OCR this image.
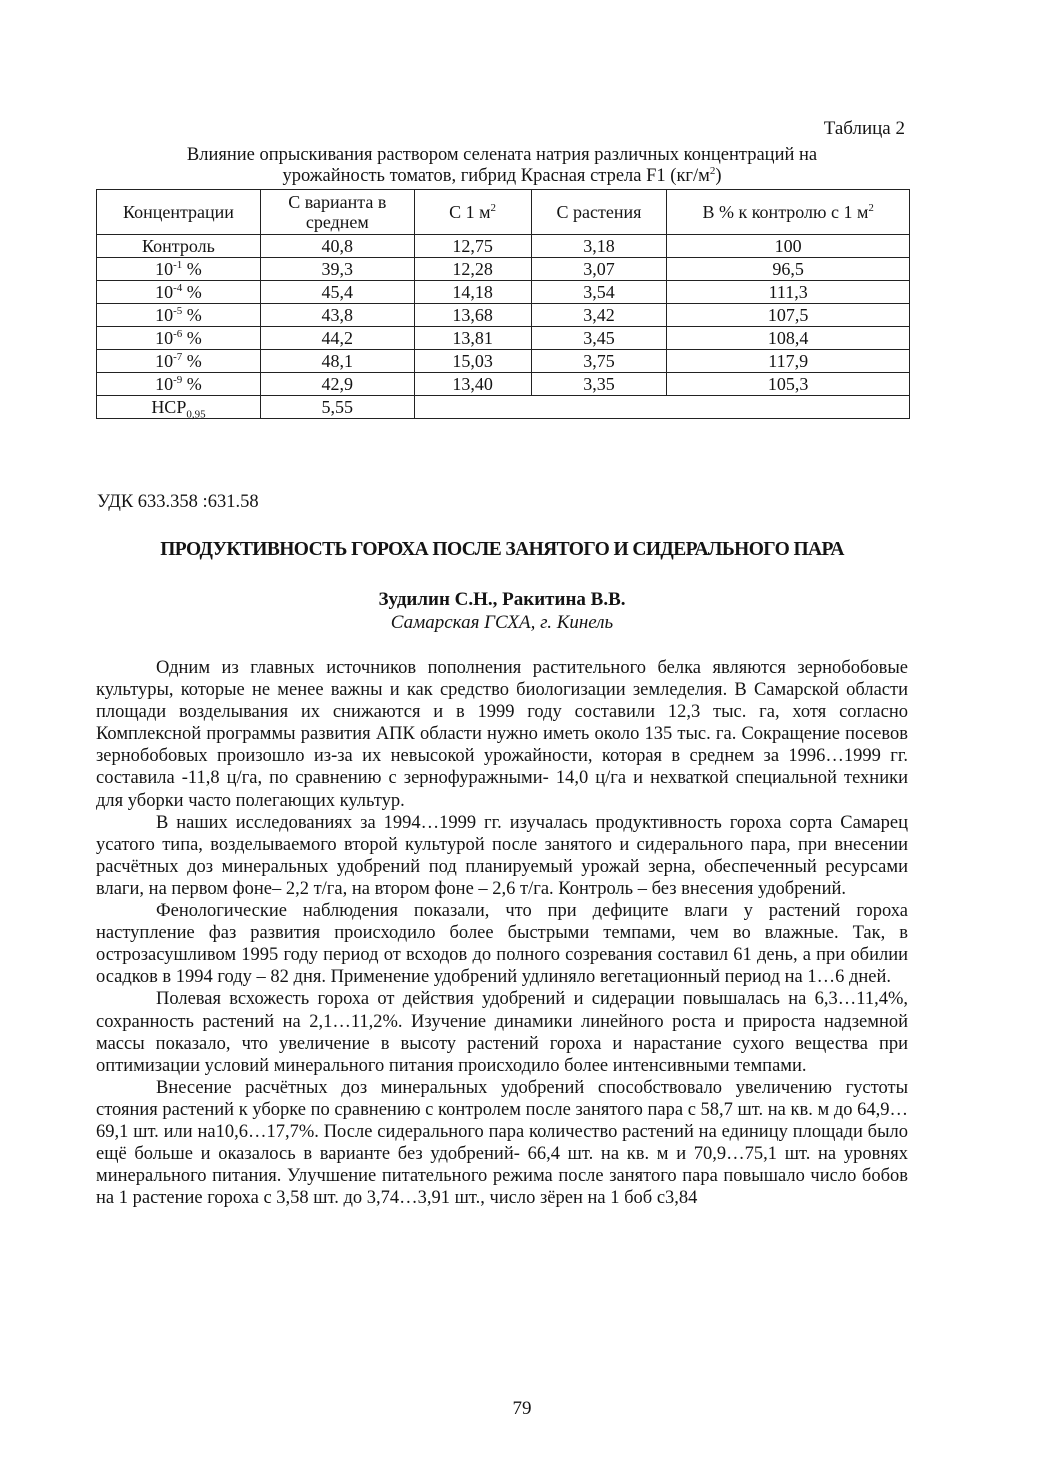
Таблица 2
Влияние опрыскивания раствором селената натрия различных концентраций на
урожайность томатов, гибрид Красная стрела F1 $(кг/м^2)$
Концентрации	С варианта в среднем	С 1 $м^2$	С растения	В % к контролю с 1 $м^2$
Контроль	40,8	12,75	3,18	100
$10^{-1}$ %	39,3	12,28	3,07	96,5
$10^{-4}$ %	45,4	14,18	3,54	111,3
$10^{-5}$ %	43,8	13,68	3,42	107,5
$10^{-6}$ %	44,2	13,81	3,45	108,4
$10^{-7}$ %	48,1	15,03	3,75	117,9
$10^{-9}$ %	42,9	13,40	3,35	105,3
$НСР_{0,95}$	5,55			
УДК 633.358 :631.58
ПРОДУКТИВНОСТЬ ГОРОХА ПОСЛЕ ЗАНЯТОГО И СИДЕРАЛЬНОГО ПАРА
Зудилин С.Н., Ракитина В.В.
Самарская ГСХА, г. Кинель

Одним из главных источников пополнения растительного белка являются зернобобовые культуры, которые не менее важны и как средство биологизации земледелия. В Самарской области площади возделывания их снижаются и в 1999 году составили 12,3 тыс. га, хотя согласно Комплексной программы развития АПК области нужно иметь около 135 тыс. га. Сокращение посевов зернобобовых произошло из-за их невысокой урожайности, которая в среднем за 1996…1999 гг. составила -11,8 ц/га, по сравнению с зернофуражными- 14,0 ц/га и нехваткой специальной техники для уборки часто полегающих культур.

В наших исследованиях за 1994…1999 гг. изучалась продуктивность гороха сорта Самарец усатого типа, возделываемого второй культурой после занятого и сидерального пара, при внесении расчётных доз минеральных удобрений под планируемый урожай зерна, обеспеченный ресурсами влаги, на первом фоне– 2,2 т/га, на втором фоне – 2,6 т/га. Контроль – без внесения удобрений.

Фенологические наблюдения показали, что при дефиците влаги у растений гороха наступление фаз развития происходило более быстрыми темпами, чем во влажные. Так, в острозасушливом 1995 году период от всходов до полного созревания составил 61 день, а при обилии осадков в 1994 году – 82 дня. Применение удобрений удлиняло вегетационный период на 1…6 дней.

Полевая всхожесть гороха от действия удобрений и сидерации повышалась на 6,3…11,4%, сохранность растений на 2,1…11,2%. Изучение динамики линейного роста и прироста надземной массы показало, что увеличение в высоту растений гороха и нарастание сухого вещества при оптимизации условий минерального питания происходило более интенсивными темпами.

Внесение расчётных доз минеральных удобрений способствовало увеличению густоты стояния растений к уборке по сравнению с контролем после занятого пара с 58,7 шт. на кв. м до 64,9…69,1 шт. или на10,6…17,7%. После сидерального пара количество растений на единицу площади было ещё больше и оказалось в варианте без удобрений- 66,4 шт. на кв. м и 70,9…75,1 шт. на уровнях минерального питания. Улучшение питательного режима после занятого пара повышало число бобов на 1 растение гороха с 3,58 шт. до 3,74…3,91 шт., число зёрен на 1 боб с3,84

79
